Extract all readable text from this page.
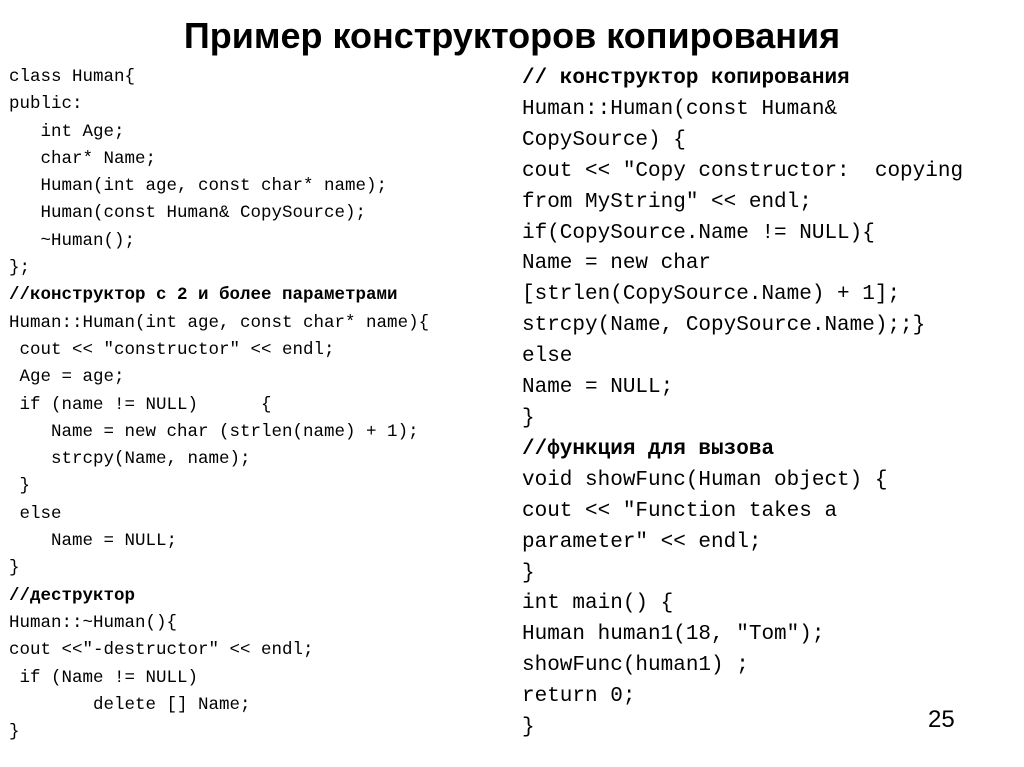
Пример конструкторов копирования
class Human{
public:
int Age;
char* Name;
Human(int age, const char* name);
Human(const Human& CopySource);
~Human();
};
//конструктор с 2 и более параметрами
Human::Human(int age, const char* name){
cout << "constructor" << endl;
Age = age;
if (name != NULL)      {
Name = new char (strlen(name) + 1);
strcpy(Name, name);
}
else
Name = NULL;
}
//деструктор
Human::~Human(){
cout <<"-destructor" << endl;
if (Name != NULL)
delete [] Name;
}
// конструктор копирования
Human::Human(const Human&
CopySource) {
cout << "Copy constructor:  copying
from MyString" << endl;
if(CopySource.Name != NULL){
Name = new char
[strlen(CopySource.Name) + 1];
strcpy(Name, CopySource.Name);;}
else
Name = NULL;
}
//функция для вызова
void showFunc(Human object) {
cout << "Function takes a
parameter" << endl;
}
int main() {
Human human1(18, "Tom");
showFunc(human1) ;
return 0;
}	25
